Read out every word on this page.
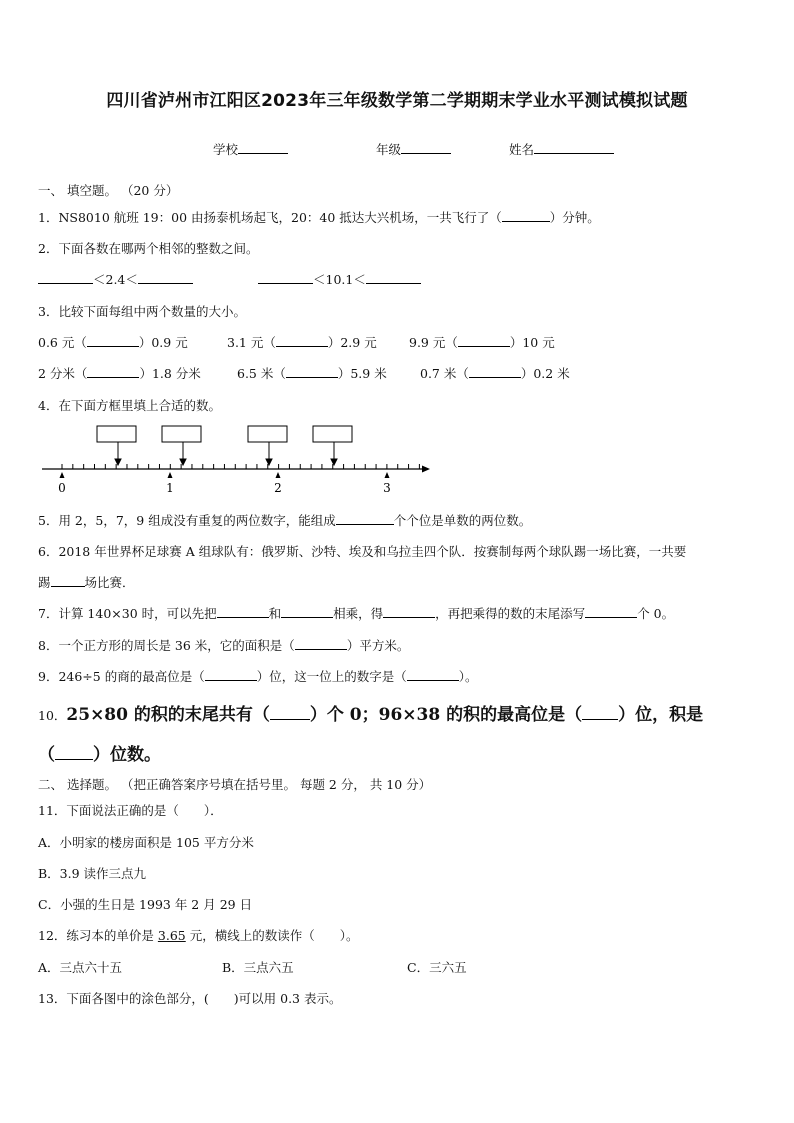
四川省泸州市江阳区2023年三年级数学第二学期期末学业水平测试模拟试题
学校	年级	姓名
一、 填空题。 （20 分）
1．NS8010 航班 19：00 由扬泰机场起飞，20：40 抵达大兴机场，一共飞行了（	）分钟。
2．下面各数在哪两个相邻的整数之间。
＜2.4＜	＜10.1＜
3．比较下面每组中两个数量的大小。
0.6 元（	）0.9 元	3.1 元（	）2.9 元	9.9 元（	）10 元
2 分米（	）1.8 分米	6.5 米（	）5.9 米	0.7 米（	）0.2 米
4．在下面方框里填上合适的数。
0	1	2	3
5．用 2，5，7，9 组成没有重复的两位数字，能组成	个个位是单数的两位数。
6．2018 年世界杯足球赛 A 组球队有：俄罗斯、沙特、埃及和乌拉圭四个队．按赛制每两个球队踢一场比赛，一共要
踢	场比赛．
7．计算 140×30 时，可以先把	和	相乘，得	，再把乘得的数的末尾添写	个 0。
8．一个正方形的周长是 36 米，它的面积是（	）平方米。
9．246÷5 的商的最高位是（	）位，这一位上的数字是（	）。
10．25×80 的积的末尾共有（ ）个 0；96×38 的积的最高位是（ ）位，积是
（ ）位数。
二、 选择题。 （把正确答案序号填在括号里。 每题 2 分， 共 10 分）
11．下面说法正确的是（　　）．
A．小明家的楼房面积是 105 平方分米
B．3.9 读作三点九
C．小强的生日是 1993 年 2 月 29 日
12．练习本的单价是 3.65 元，横线上的数读作（　　）。
A．三点六十五	B．三点六五	C．三六五
13．下面各图中的涂色部分，(　　)可以用 0.3 表示。
